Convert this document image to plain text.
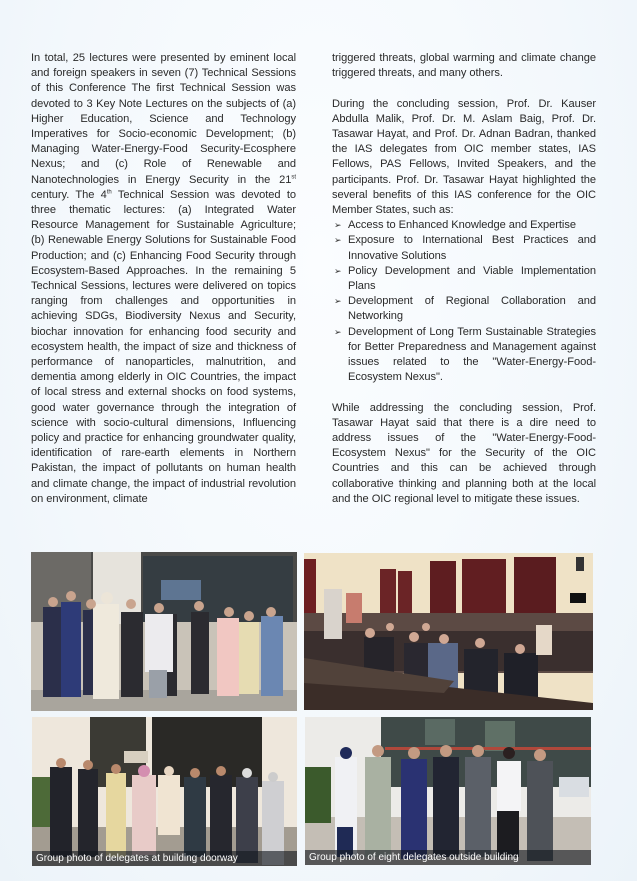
In total, 25 lectures were presented by eminent local and foreign speakers in seven (7) Technical Sessions of this Conference The first Technical Session was devoted to 3 Key Note Lectures on the subjects of (a) Higher Education, Science and Technology Imperatives for Socio-economic Development; (b) Managing Water-Energy-Food Security-Ecosphere Nexus; and (c) Role of Renewable and Nanotechnologies in Energy Security in the 21st century. The 4th Technical Session was devoted to three thematic lectures: (a) Integrated Water Resource Management for Sustainable Agriculture; (b) Renewable Energy Solutions for Sustainable Food Production; and (c) Enhancing Food Security through Ecosystem-Based Approaches. In the remaining 5 Technical Sessions, lectures were delivered on topics ranging from challenges and opportunities in achieving SDGs, Biodiversity Nexus and Security, biochar innovation for enhancing food security and ecosystem health, the impact of size and thickness of performance of nanoparticles, malnutrition, and dementia among elderly in OIC Countries, the impact of local stress and external shocks on food systems, good water governance through the integration of science with socio-cultural dimensions, Influencing policy and practice for enhancing groundwater quality, identification of rare-earth elements in Northern Pakistan, the impact of pollutants on human health and climate change, the impact of industrial revolution on environment, climate

triggered threats, global warming and climate change triggered threats, and many others.

During the concluding session, Prof. Dr. Kauser Abdulla Malik, Prof. Dr. M. Aslam Baig, Prof. Dr. Tasawar Hayat, and Prof. Dr. Adnan Badran, thanked the IAS delegates from OIC member states, IAS Fellows, PAS Fellows, Invited Speakers, and the participants. Prof. Dr. Tasawar Hayat highlighted the several benefits of this IAS conference for the OIC Member States, such as:

➢ Access to Enhanced Knowledge and Expertise
➢ Exposure to International Best Practices and Innovative Solutions
➢ Policy Development and Viable Implementation Plans
➢ Development of Regional Collaboration and Networking
➢ Development of Long Term Sustainable Strategies for Better Preparedness and Management against issues related to the "Water-Energy-Food-Ecosystem Nexus".

While addressing the concluding session, Prof. Tasawar Hayat said that there is a dire need to address issues of the "Water-Energy-Food-Ecosystem Nexus" for the Security of the OIC Countries and this can be achieved through collaborative thinking and planning both at the local and the OIC regional level to mitigate these issues.

Group photo of delegates at building doorway	Group photo of eight delegates outside building
